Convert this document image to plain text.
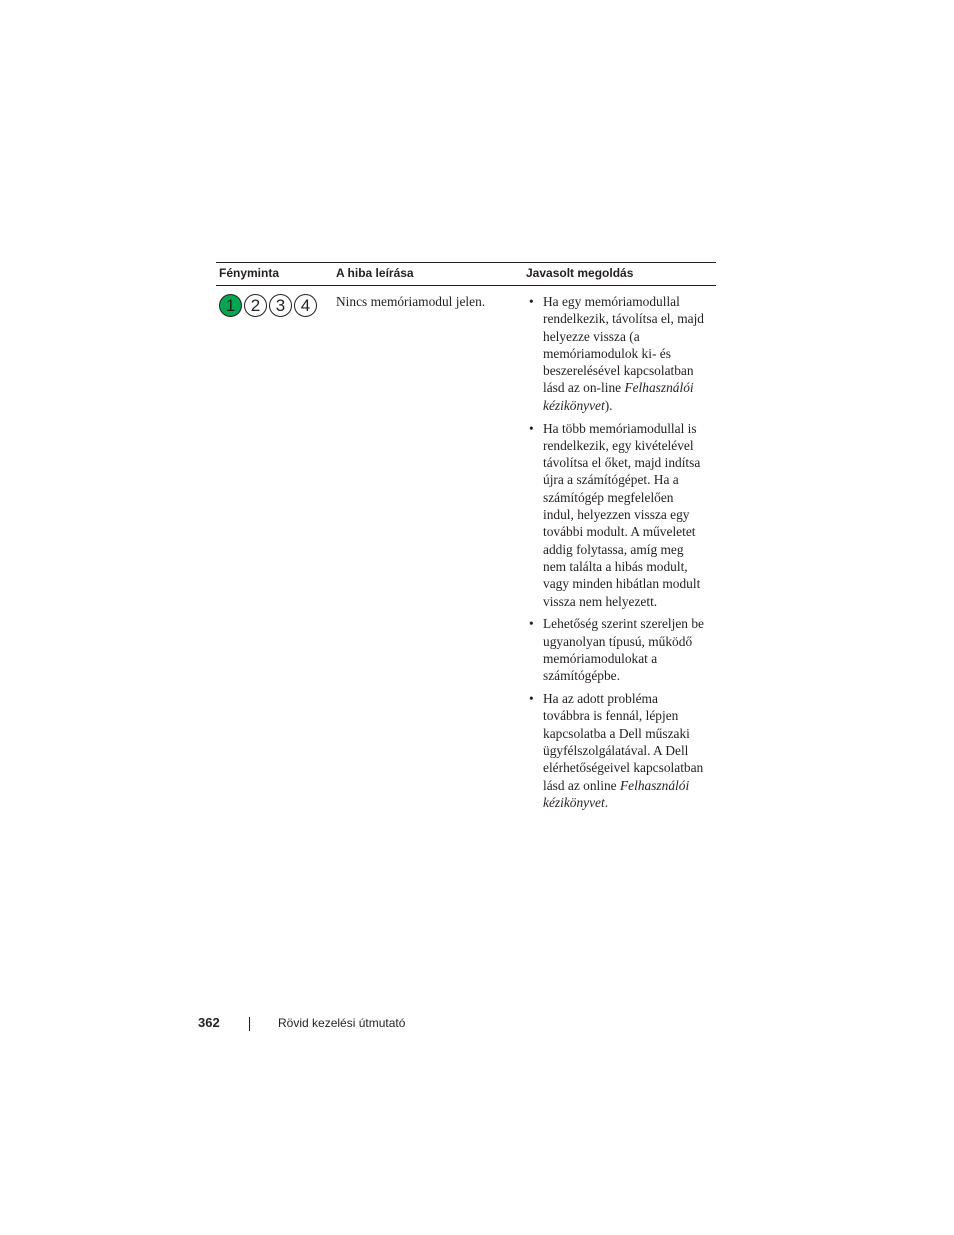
Fényminta	A hiba leírása	Javasolt megoldás
1 2 3 4	Nincs memóriamodul jelen.	• Ha egy memóriamodullal
rendelkezik, távolítsa el, majd
helyezze vissza (a
memóriamodulok ki- és
beszerelésével kapcsolatban
lásd az on-line Felhasználói
kézikönyvet).
• Ha több memóriamodullal is
rendelkezik, egy kivételével
távolítsa el őket, majd indítsa
újra a számítógépet. Ha a
számítógép megfelelően
indul, helyezzen vissza egy
további modult. A műveletet
addig folytassa, amíg meg
nem találta a hibás modult,
vagy minden hibátlan modult
vissza nem helyezett.
• Lehetőség szerint szereljen be
ugyanolyan típusú, működő
memóriamodulokat a
számítógépbe.
• Ha az adott probléma
továbbra is fennál, lépjen
kapcsolatba a Dell műszaki
ügyfélszolgálatával. A Dell
elérhetőségeivel kapcsolatban
lásd az online Felhasználói
kézikönyvet.
362	Rövid kezelési útmutató
